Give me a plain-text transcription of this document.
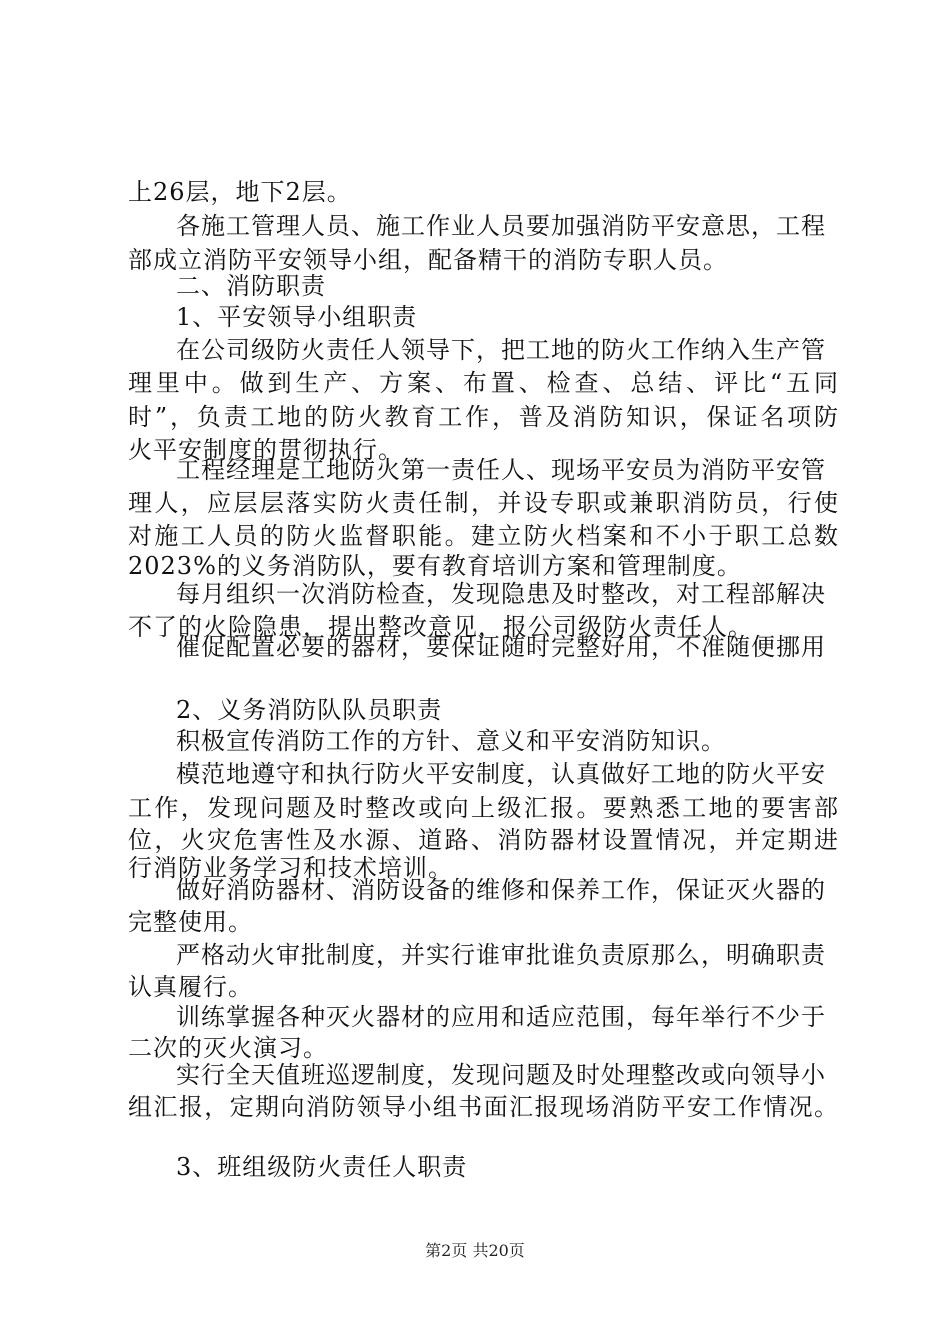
上26层，地下2层。
各施工管理人员、施工作业人员要加强消防平安意思，工程
部成立消防平安领导小组，配备精干的消防专职人员。
二、消防职责
1、平安领导小组职责
在公司级防火责任人领导下，把工地的防火工作纳入生产管
理里中。做到生产、方案、布置、检查、总结、评比“五同
时”，负责工地的防火教育工作，普及消防知识，保证名项防
火平安制度的贯彻执行。
工程经理是工地防火第一责任人、现场平安员为消防平安管
理人，应层层落实防火责任制，并设专职或兼职消防员，行使
对施工人员的防火监督职能。建立防火档案和不小于职工总数
2023%的义务消防队，要有教育培训方案和管理制度。
每月组织一次消防检查，发现隐患及时整改，对工程部解决
不了的火险隐患，提出整改意见，报公司级防火责任人。
催促配置必要的器材，要保证随时完整好用，不准随便挪用
2、义务消防队队员职责
积极宣传消防工作的方针、意义和平安消防知识。
模范地遵守和执行防火平安制度，认真做好工地的防火平安
工作，发现问题及时整改或向上级汇报。要熟悉工地的要害部
位，火灾危害性及水源、道路、消防器材设置情况，并定期进
行消防业务学习和技术培训。
做好消防器材、消防设备的维修和保养工作，保证灭火器的
完整使用。
严格动火审批制度，并实行谁审批谁负责原那么，明确职责
认真履行。
训练掌握各种灭火器材的应用和适应范围，每年举行不少于
二次的灭火演习。
实行全天值班巡逻制度，发现问题及时处理整改或向领导小
组汇报，定期向消防领导小组书面汇报现场消防平安工作情况。
3、班组级防火责任人职责
第2页 共20页
